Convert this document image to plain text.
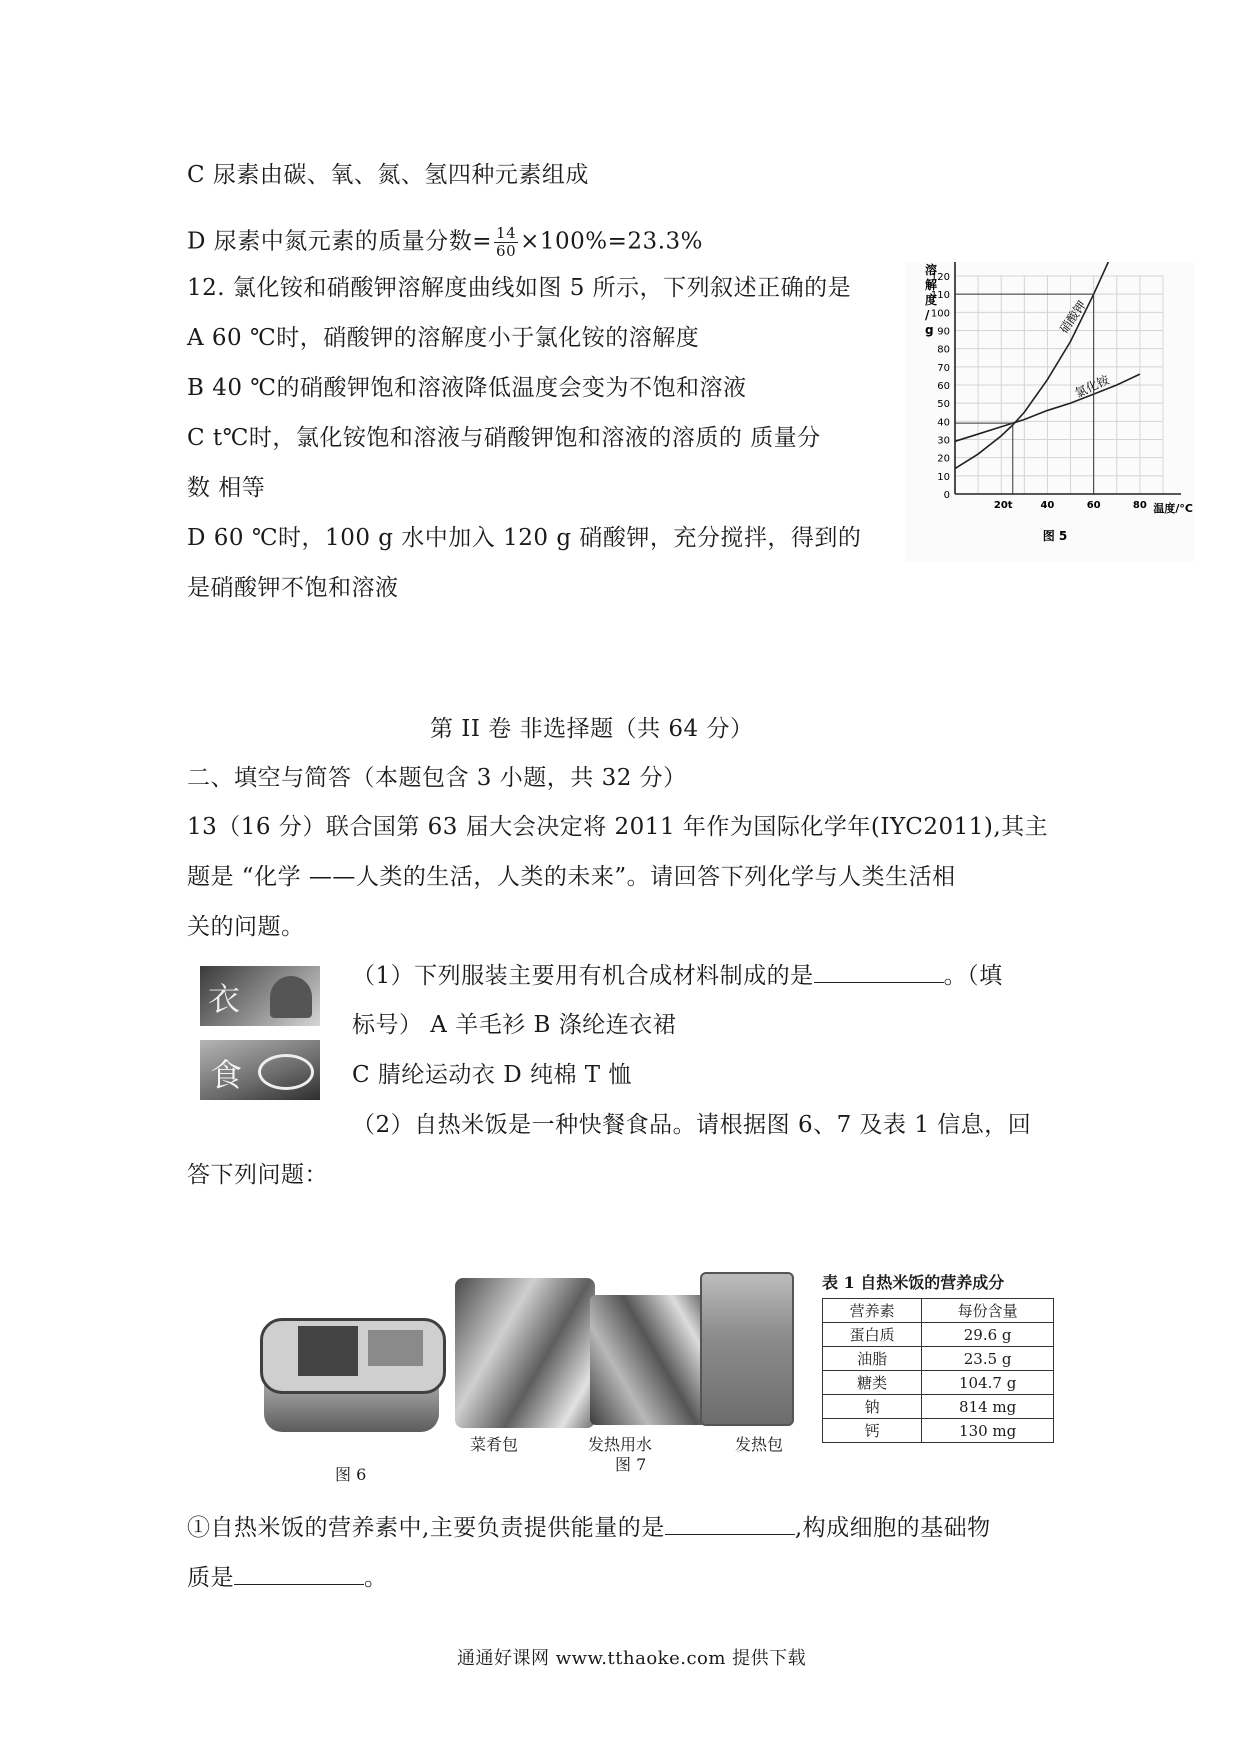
C 尿素由碳、氧、氮、氢四种元素组成
D 尿素中氮元素的质量分数= $\frac{14}{60} \times 100\%=23.3\%$
12. 氯化铵和硝酸钾溶解度曲线如图 5 所示，下列叙述正确的是
A 60 ℃时，硝酸钾的溶解度小于氯化铵的溶解度
B 40 ℃的硝酸钾饱和溶液降低温度会变为不饱和溶液
C t℃时，氯化铵饱和溶液与硝酸钾饱和溶液的溶质的 质量分
数 相等
D 60 ℃时，100 g 水中加入 120 g 硝酸钾，充分搅拌，得到的
是硝酸钾不饱和溶液
0
10
20
30
40
50
60
70
80
90
100
110
120
20t	40	60	80
硝酸钾
氯化铵
溶
解
度
/
g
温度/°C
图 5
第 II 卷 非选择题（共 64 分）
二、填空与简答（本题包含 3 小题，共 32 分）
13（16 分）联合国第 63 届大会决定将 2011 年作为国际化学年(IYC2011),其主
题是 “化学 ——人类的生活，人类的未来”。请回答下列化学与人类生活相
关的问题。
衣
食
（1）下列服装主要用有机合成材料制成的是	。（填
标号） A 羊毛衫 B 涤纶连衣裙
C 腈纶运动衣 D 纯棉 T 恤
（2）自热米饭是一种快餐食品。请根据图 6、7 及表 1 信息，回
答下列问题：
图 6
菜肴包	发热用水	发热包
图 7
表 1 自热米饭的营养成分
营养素	每份含量
蛋白质	29.6 g
油脂	23.5 g
糖类	104.7 g
钠	814 mg
钙	130 mg
①自热米饭的营养素中,主要负责提供能量的是	,构成细胞的基础物
质是	。
通通好课网 www.tthaoke.com 提供下载
